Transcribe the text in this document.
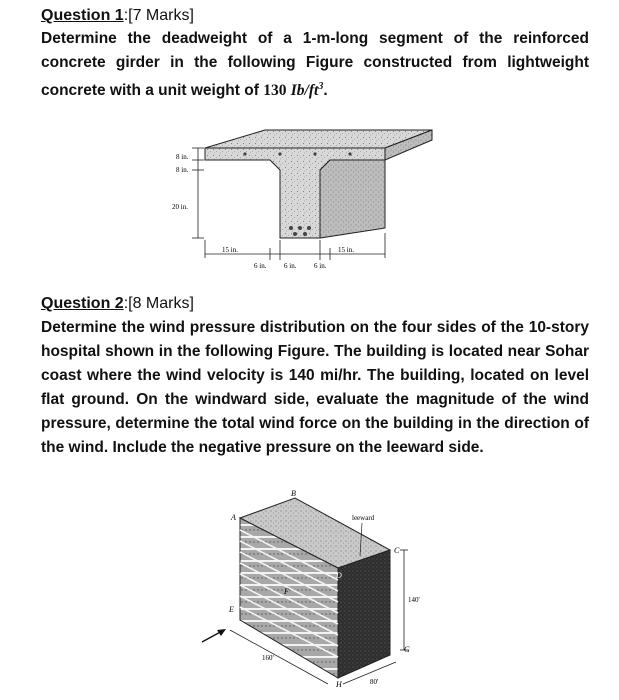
Question 1:[7 Marks]
Determine the deadweight of a 1-m-long segment of the reinforced concrete girder in the following Figure constructed from lightweight concrete with a unit weight of 130 $Ib/ft^3$.
8 in.
8 in.
20 in.
15 in.	15 in.
6 in.	6 in.	6 in.
Question 2:[8 Marks]
Determine the wind pressure distribution on the four sides of the 10-story hospital shown in the following Figure. The building is located near Sohar coast where the wind velocity is 140 mi/hr. The building, located on level flat ground. On the windward side, evaluate the magnitude of the wind pressure, determine the total wind force on the building in the direction of the wind. Include the negative pressure on the leeward side.
A
B
C
D
E
F
G
H
leeward
140'
160'
80'
